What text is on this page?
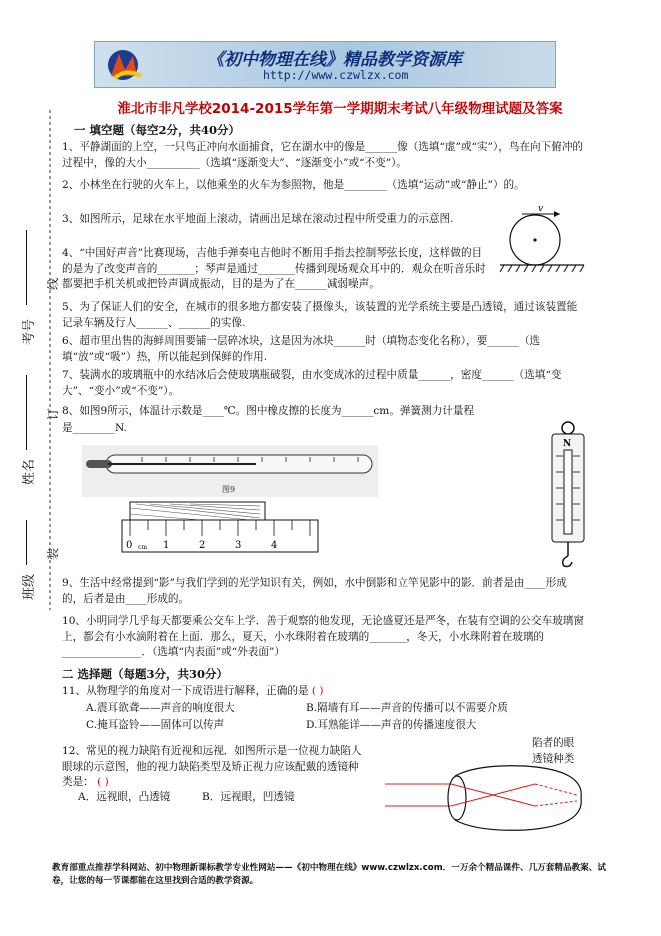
《初中物理在线》精品教学资源库
http://www.czwlzx.com
淮北市非凡学校2014-2015学年第一学期期末考试八年级物理试题及答案
考号
姓名
班级
装
订
线
一 填空题（每空2分，共40分）
1、平静湖面的上空，一只鸟正冲向水面捕食，它在湖水中的像是______像（选填“虚”或“实”），鸟在向下俯冲的过程中，像的大小__________（选填“逐渐变大”、“逐渐变小”或“不变”）。
2、小林坐在行驶的火车上，以他乘坐的火车为参照物，他是________（选填“运动”或“静止”）的。
3、如图所示，足球在水平地面上滚动，请画出足球在滚动过程中所受重力的示意图.
v
4、“中国好声音”比赛现场，吉他手弹奏电吉他时不断用手指去控制琴弦长度，这样做的目的是为了改变声音的_______；琴声是通过_______传播到现场观众耳中的．观众在听音乐时都要把手机关机或把铃声调成振动，目的是为了在______减弱噪声。
5、为了保证人们的安全，在城市的很多地方都安装了摄像头，该装置的光学系统主要是凸透镜，通过该装置能记录车辆及行人______、______的实像.
6、超市里出售的海鲜周围要铺一层碎冰块，这是因为冰块______时（填物态变化名称），要______（选填“放”或“吸”）热，所以能起到保鲜的作用.
7、装满水的玻璃瓶中的水结冰后会使玻璃瓶破裂，由水变成冰的过程中质量______，密度______（选填“变大”、“变小”或“不变”）。
8、如图9所示，体温计示数是____℃。图中橡皮擦的长度为______cm。弹簧测力计量程
是________N.
图9
0 cm 1	2	3	4
N
9、生活中经常提到“影”与我们学到的光学知识有关，例如，水中倒影和立竿见影中的影．前者是由____形成的，后者是由____形成的。
10、小明同学几乎每天都要乘公交车上学．善于观察的他发现，无论盛夏还是严冬，在装有空调的公交车玻璃窗上，都会有小水滴附着在上面．那么，夏天，小水珠附着在玻璃的_______，冬天，小水珠附着在玻璃的_______________．（选填“内表面”或“外表面”）
二 选择题（每题3分，共30分）
11、从物理学的角度对一下成语进行解释，正确的是 ( )
A.震耳欲聋——声音的响度很大	B.隔墙有耳——声音的传播可以不需要介质
C.掩耳盗铃——固体可以传声	D.耳熟能详——声音的传播速度很大
12、常见的视力缺陷有近视和远视．如图所示是一位视力缺陷人眼球的示意图，他的视力缺陷类型及矫正视力应该配戴的透镜种类是： ( )
A．远视眼，凸透镜	B．远视眼，凹透镜
陷者的眼
透镜种类
教育部重点推荐学科网站、初中物理新课标教学专业性网站——《初中物理在线》www.czwlzx.com．一万余个精品课件、几万套精品教案、试卷，让您的每一节课都能在这里找到合适的教学资源。
